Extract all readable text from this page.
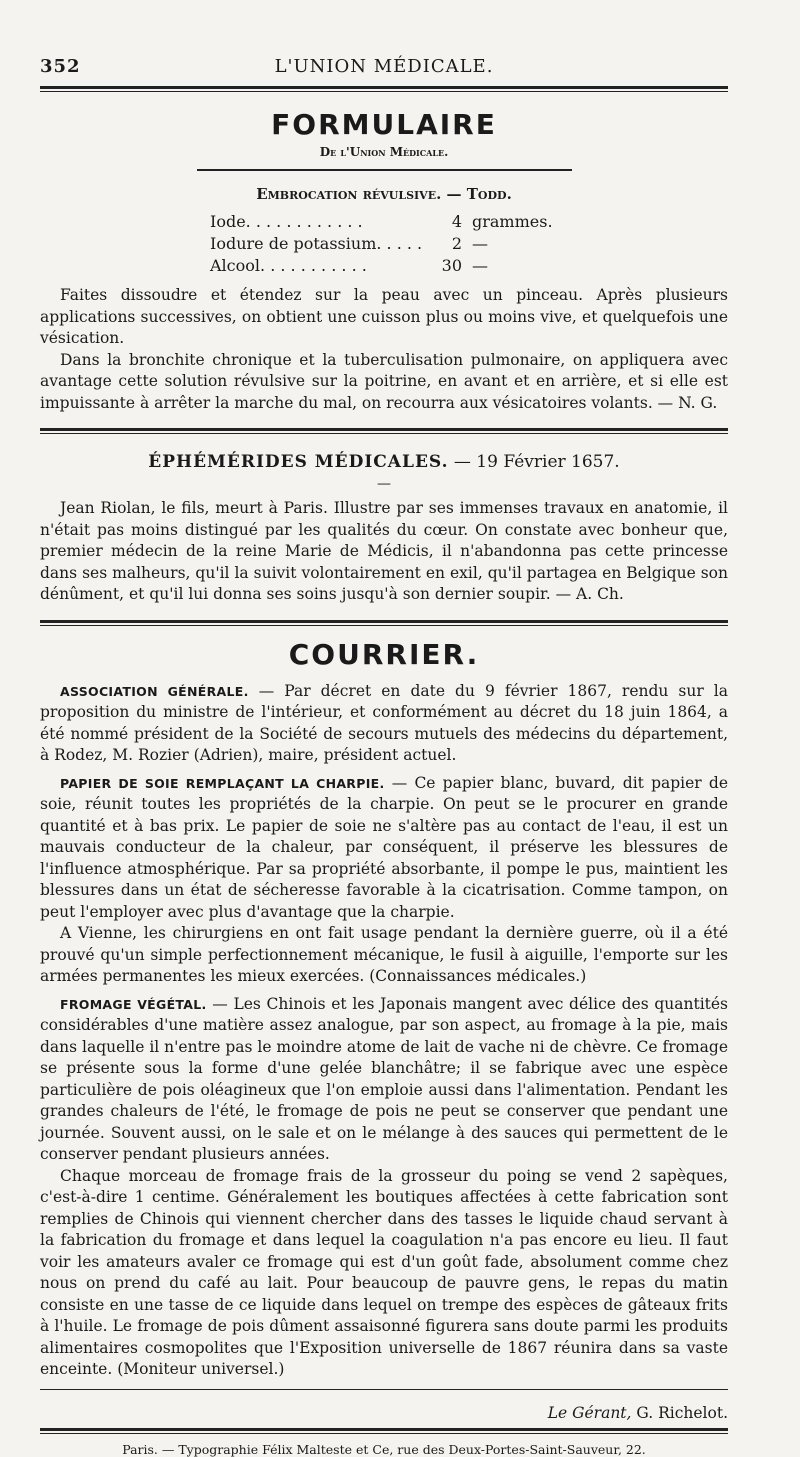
352	L'UNION MÉDICALE.
FORMULAIRE
De l'Union Médicale.
Embrocation révulsive. — Todd.
Iode. . . . . . . . . . . .	4 grammes.
Iodure de potassium. . . . .	2 —
Alcool. . . . . . . . . . .	30 —

Faites dissoudre et étendez sur la peau avec un pinceau. Après plusieurs applications successives, on obtient une cuisson plus ou moins vive, et quelquefois une vésication.

Dans la bronchite chronique et la tuberculisation pulmonaire, on appliquera avec avantage cette solution révulsive sur la poitrine, en avant et en arrière, et si elle est impuissante à arrêter la marche du mal, on recourra aux vésicatoires volants. — N. G.

ÉPHÉMÉRIDES MÉDICALES. — 19 Février 1657.
—

Jean Riolan, le fils, meurt à Paris. Illustre par ses immenses travaux en anatomie, il n'était pas moins distingué par les qualités du cœur. On constate avec bonheur que, premier médecin de la reine Marie de Médicis, il n'abandonna pas cette princesse dans ses malheurs, qu'il la suivit volontairement en exil, qu'il partagea en Belgique son dénûment, et qu'il lui donna ses soins jusqu'à son dernier soupir. — A. Ch.

COURRIER.

ASSOCIATION GÉNÉRALE. — Par décret en date du 9 février 1867, rendu sur la proposition du ministre de l'intérieur, et conformément au décret du 18 juin 1864, a été nommé président de la Société de secours mutuels des médecins du département, à Rodez, M. Rozier (Adrien), maire, président actuel.

PAPIER DE SOIE REMPLAÇANT LA CHARPIE. — Ce papier blanc, buvard, dit papier de soie, réunit toutes les propriétés de la charpie. On peut se le procurer en grande quantité et à bas prix. Le papier de soie ne s'altère pas au contact de l'eau, il est un mauvais conducteur de la chaleur, par conséquent, il préserve les blessures de l'influence atmosphérique. Par sa propriété absorbante, il pompe le pus, maintient les blessures dans un état de sécheresse favorable à la cicatrisation. Comme tampon, on peut l'employer avec plus d'avantage que la charpie.

A Vienne, les chirurgiens en ont fait usage pendant la dernière guerre, où il a été prouvé qu'un simple perfectionnement mécanique, le fusil à aiguille, l'emporte sur les armées permanentes les mieux exercées. (Connaissances médicales.)

FROMAGE VÉGÉTAL. — Les Chinois et les Japonais mangent avec délice des quantités considérables d'une matière assez analogue, par son aspect, au fromage à la pie, mais dans laquelle il n'entre pas le moindre atome de lait de vache ni de chèvre. Ce fromage se présente sous la forme d'une gelée blanchâtre; il se fabrique avec une espèce particulière de pois oléagineux que l'on emploie aussi dans l'alimentation. Pendant les grandes chaleurs de l'été, le fromage de pois ne peut se conserver que pendant une journée. Souvent aussi, on le sale et on le mélange à des sauces qui permettent de le conserver pendant plusieurs années.

Chaque morceau de fromage frais de la grosseur du poing se vend 2 sapèques, c'est-à-dire 1 centime. Généralement les boutiques affectées à cette fabrication sont remplies de Chinois qui viennent chercher dans des tasses le liquide chaud servant à la fabrication du fromage et dans lequel la coagulation n'a pas encore eu lieu. Il faut voir les amateurs avaler ce fromage qui est d'un goût fade, absolument comme chez nous on prend du café au lait. Pour beaucoup de pauvre gens, le repas du matin consiste en une tasse de ce liquide dans lequel on trempe des espèces de gâteaux frits à l'huile. Le fromage de pois dûment assaisonné figurera sans doute parmi les produits alimentaires cosmopolites que l'Exposition universelle de 1867 réunira dans sa vaste enceinte. (Moniteur universel.)

Le Gérant, G. Richelot.
Paris. — Typographie Félix Malteste et Ce, rue des Deux-Portes-Saint-Sauveur, 22.
